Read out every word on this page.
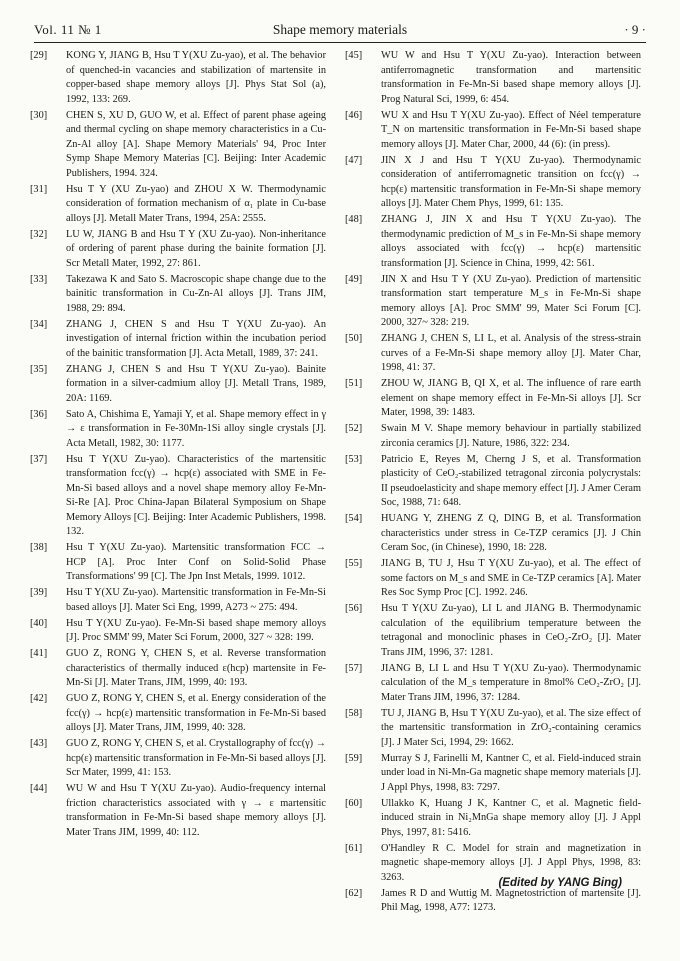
Vol. 11 № 1	Shape memory materials	· 9 ·
[29] KONG Y, JIANG B, Hsu T Y(XU Zu-yao), et al. The behavior of quenched-in vacancies and stabilization of martensite in copper-based shape memory alloys [J]. Phys Stat Sol (a), 1992, 133: 269.
[30] CHEN S, XU D, GUO W, et al. Effect of parent phase ageing and thermal cycling on shape memory characteristics in a Cu-Zn-Al alloy [A]. Shape Memory Materials' 94, Proc Inter Symp Shape Memory Materias [C]. Beijing: Inter Academic Publishers, 1994. 324.
[31] Hsu T Y (XU Zu-yao) and ZHOU X W. Thermodynamic consideration of formation mechanism of α₁ plate in Cu-base alloys [J]. Metall Mater Trans, 1994, 25A: 2555.
[32] LU W, JIANG B and Hsu T Y (XU Zu-yao). Non-inheritance of ordering of parent phase during the bainite formation [J]. Scr Metall Mater, 1992, 27: 861.
[33] Takezawa K and Sato S. Macroscopic shape change due to the bainitic transformation in Cu-Zn-Al alloys [J]. Trans JIM, 1988, 29: 894.
[34] ZHANG J, CHEN S and Hsu T Y(XU Zu-yao). An investigation of internal friction within the incubation period of the bainitic transformation [J]. Acta Metall, 1989, 37: 241.
[35] ZHANG J, CHEN S and Hsu T Y(XU Zu-yao). Bainite formation in a silver-cadmium alloy [J]. Metall Trans, 1989, 20A: 1169.
[36] Sato A, Chishima E, Yamaji Y, et al. Shape memory effect in γ → ε transformation in Fe-30Mn-1Si alloy single crystals [J]. Acta Metall, 1982, 30: 1177.
[37] Hsu T Y(XU Zu-yao). Characteristics of the martensitic transformation fcc(γ) → hcp(ε) associated with SME in Fe-Mn-Si based alloys and a novel shape memory alloy Fe-Mn-Si-Re [A]. Proc China-Japan Bilateral Symposium on Shape Memory Alloys [C]. Beijing: Inter Academic Publishers, 1998. 132.
[38] Hsu T Y(XU Zu-yao). Martensitic transformation FCC → HCP [A]. Proc Inter Conf on Solid-Solid Phase Transformations' 99 [C]. The Jpn Inst Metals, 1999. 1012.
[39] Hsu T Y(XU Zu-yao). Martensitic transformation in Fe-Mn-Si based alloys [J]. Mater Sci Eng, 1999, A273 ~ 275: 494.
[40] Hsu T Y(XU Zu-yao). Fe-Mn-Si based shape memory alloys [J]. Proc SMM' 99, Mater Sci Forum, 2000, 327 ~ 328: 199.
[41] GUO Z, RONG Y, CHEN S, et al. Reverse transformation characteristics of thermally induced ε(hcp) martensite in Fe-Mn-Si [J]. Mater Trans, JIM, 1999, 40: 193.
[42] GUO Z, RONG Y, CHEN S, et al. Energy consideration of the fcc(γ) → hcp(ε) martensitic transformation in Fe-Mn-Si based alloys [J]. Mater Trans, JIM, 1999, 40: 328.
[43] GUO Z, RONG Y, CHEN S, et al. Crystallography of fcc(γ) → hcp(ε) martensitic transformation in Fe-Mn-Si based alloys [J]. Scr Mater, 1999, 41: 153.
[44] WU W and Hsu T Y(XU Zu-yao). Audio-frequency internal friction characteristics associated with γ → ε martensitic transformation in Fe-Mn-Si based shape memory alloys [J]. Mater Trans JIM, 1999, 40: 112.
[45] WU W and Hsu T Y(XU Zu-yao). Interaction between antiferromagnetic transformation and martensitic transformation in Fe-Mn-Si based shape memory alloys [J]. Prog Natural Sci, 1999, 6: 454.
[46] WU X and Hsu T Y(XU Zu-yao). Effect of Néel temperature T_N on martensitic transformation in Fe-Mn-Si based shape memory alloys [J]. Mater Char, 2000, 44 (6): (in press).
[47] JIN X J and Hsu T Y(XU Zu-yao). Thermodynamic consideration of antiferromagnetic transition on fcc(γ) → hcp(ε) martensitic transformation in Fe-Mn-Si shape memory alloys [J]. Mater Chem Phys, 1999, 61: 135.
[48] ZHANG J, JIN X and Hsu T Y(XU Zu-yao). The thermodynamic prediction of M_s in Fe-Mn-Si shape memory alloys associated with fcc(γ) → hcp(ε) martensitic transformation [J]. Science in China, 1999, 42: 561.
[49] JIN X and Hsu T Y (XU Zu-yao). Prediction of martensitic transformation start temperature M_s in Fe-Mn-Si shape memory alloys [A]. Proc SMM' 99, Mater Sci Forum [C]. 2000, 327~ 328: 219.
[50] ZHANG J, CHEN S, LI L, et al. Analysis of the stress-strain curves of a Fe-Mn-Si shape memory alloy [J]. Mater Char, 1998, 41: 37.
[51] ZHOU W, JIANG B, QI X, et al. The influence of rare earth element on shape memory effect in Fe-Mn-Si alloys [J]. Scr Mater, 1998, 39: 1483.
[52] Swain M V. Shape memory behaviour in partially stabilized zirconia ceramics [J]. Nature, 1986, 322: 234.
[53] Patricio E, Reyes M, Cherng J S, et al. Transformation plasticity of CeO₂-stabilized tetragonal zirconia polycrystals: II pseudoelasticity and shape memory effect [J]. J Amer Ceram Soc, 1988, 71: 648.
[54] HUANG Y, ZHENG Z Q, DING B, et al. Transformation characteristics under stress in Ce-TZP ceramics [J]. J Chin Ceram Soc, (in Chinese), 1990, 18: 228.
[55] JIANG B, TU J, Hsu T Y(XU Zu-yao), et al. The effect of some factors on M_s and SME in Ce-TZP ceramics [A]. Mater Res Soc Symp Proc [C]. 1992. 246.
[56] Hsu T Y(XU Zu-yao), LI L and JIANG B. Thermodynamic calculation of the equilibrium temperature between the tetragonal and monoclinic phases in CeO₂-ZrO₂ [J]. Mater Trans JIM, 1996, 37: 1281.
[57] JIANG B, LI L and Hsu T Y(XU Zu-yao). Thermodynamic calculation of the M_s temperature in 8mol% CeO₂-ZrO₂ [J]. Mater Trans JIM, 1996, 37: 1284.
[58] TU J, JIANG B, Hsu T Y(XU Zu-yao), et al. The size effect of the martensitic transformation in ZrO₂-containing ceramics [J]. J Mater Sci, 1994, 29: 1662.
[59] Murray S J, Farinelli M, Kantner C, et al. Field-induced strain under load in Ni-Mn-Ga magnetic shape memory materials [J]. J Appl Phys, 1998, 83: 7297.
[60] Ullakko K, Huang J K, Kantner C, et al. Magnetic field-induced strain in Ni₂MnGa shape memory alloy [J]. J Appl Phys, 1997, 81: 5416.
[61] O'Handley R C. Model for strain and magnetization in magnetic shape-memory alloys [J]. J Appl Phys, 1998, 83: 3263.
[62] James R D and Wuttig M. Magnetostriction of martensite [J]. Phil Mag, 1998, A77: 1273.
(Edited by YANG Bing)
